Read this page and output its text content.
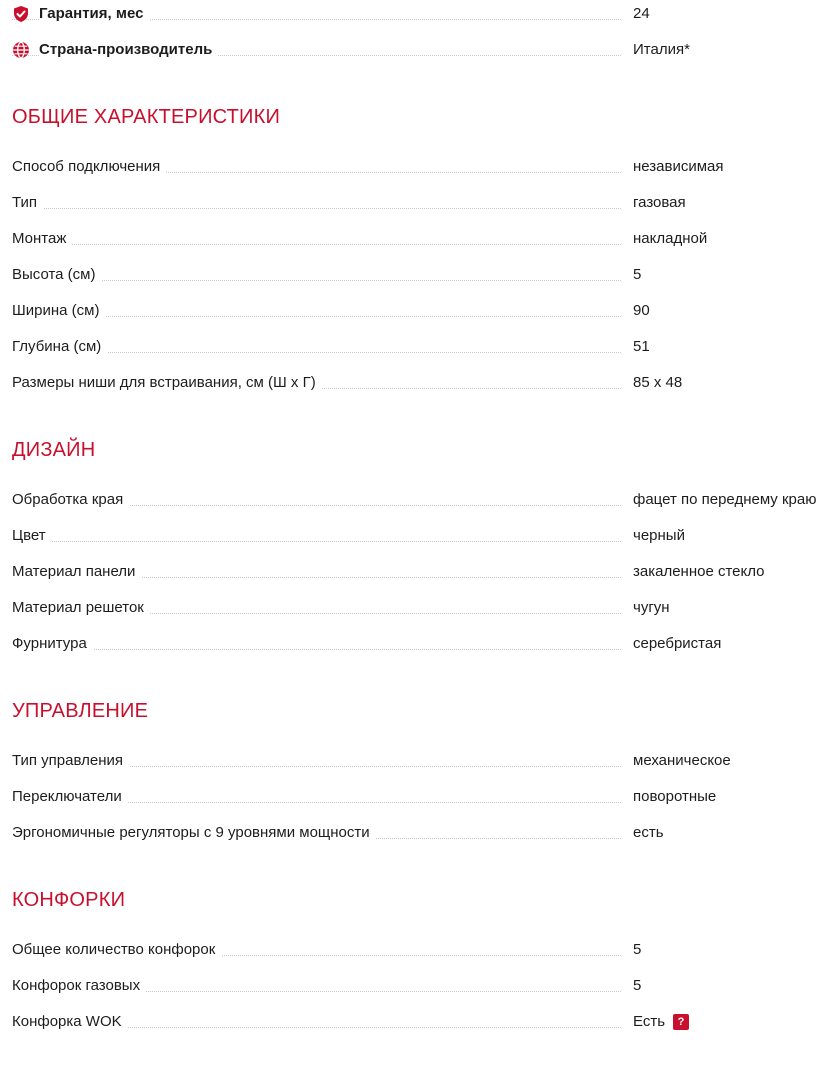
Гарантия, мес	24
Страна-производитель	Италия*
ОБЩИЕ ХАРАКТЕРИСТИКИ
Способ подключения	независимая
Тип	газовая
Монтаж	накладной
Высота (см)	5
Ширина (см)	90
Глубина (см)	51
Размеры ниши для встраивания, см (Ш х Г)	85 x 48
ДИЗАЙН
Обработка края	фацет по переднему краю
Цвет	черный
Материал панели	закаленное стекло
Материал решеток	чугун
Фурнитура	серебристая
УПРАВЛЕНИЕ
Тип управления	механическое
Переключатели	поворотные
Эргономичные регуляторы с 9 уровнями мощности	есть
КОНФОРКИ
Общее количество конфорок	5
Конфорок газовых	5
Конфорка WOK	Есть ?
